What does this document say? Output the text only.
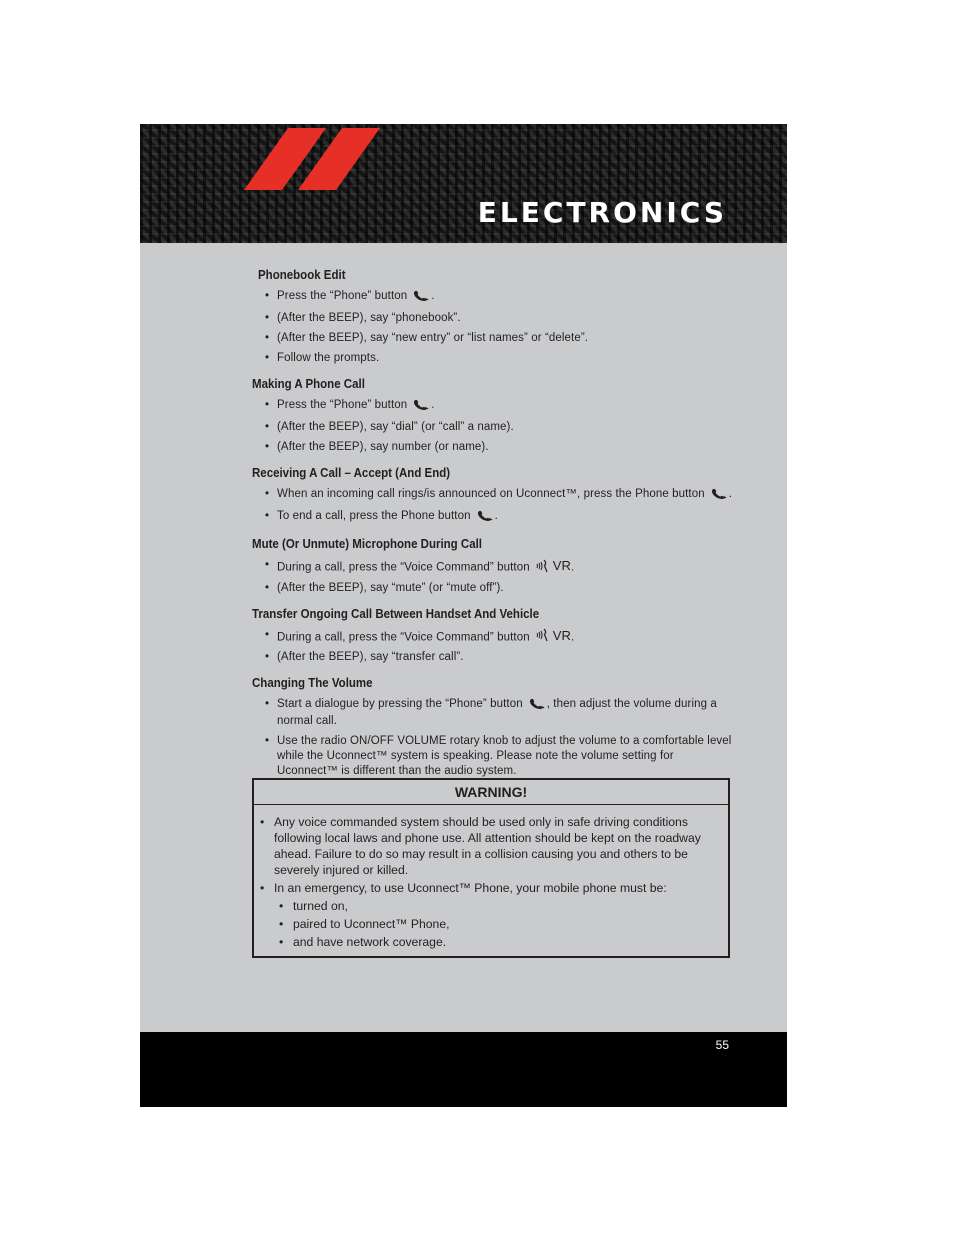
ELECTRONICS
Phonebook Edit
• Press the “Phone” button .
• (After the BEEP), say “phonebook”.
• (After the BEEP), say “new entry” or “list names” or “delete”.
• Follow the prompts.
Making A Phone Call
• Press the “Phone” button .
• (After the BEEP), say “dial” (or “call” a name).
• (After the BEEP), say number (or name).
Receiving A Call – Accept (And End)
• When an incoming call rings/is announced on Uconnect™, press the Phone button .
• To end a call, press the Phone button .
Mute (Or Unmute) Microphone During Call
• During a call, press the “Voice Command” button VR .
• (After the BEEP), say “mute” (or “mute off”).
Transfer Ongoing Call Between Handset And Vehicle
• During a call, press the “Voice Command” button VR .
• (After the BEEP), say “transfer call”.
Changing The Volume
• Start a dialogue by pressing the “Phone” button , then adjust the volume during a normal call.
• Use the radio ON/OFF VOLUME rotary knob to adjust the volume to a comfortable level while the Uconnect™ system is speaking. Please note the volume setting for Uconnect™ is different than the audio system.
WARNING!
• Any voice commanded system should be used only in safe driving conditions following local laws and phone use. All attention should be kept on the roadway ahead. Failure to do so may result in a collision causing you and others to be severely injured or killed.
• In an emergency, to use Uconnect™ Phone, your mobile phone must be:
• turned on,
• paired to Uconnect™ Phone,
• and have network coverage.
55
